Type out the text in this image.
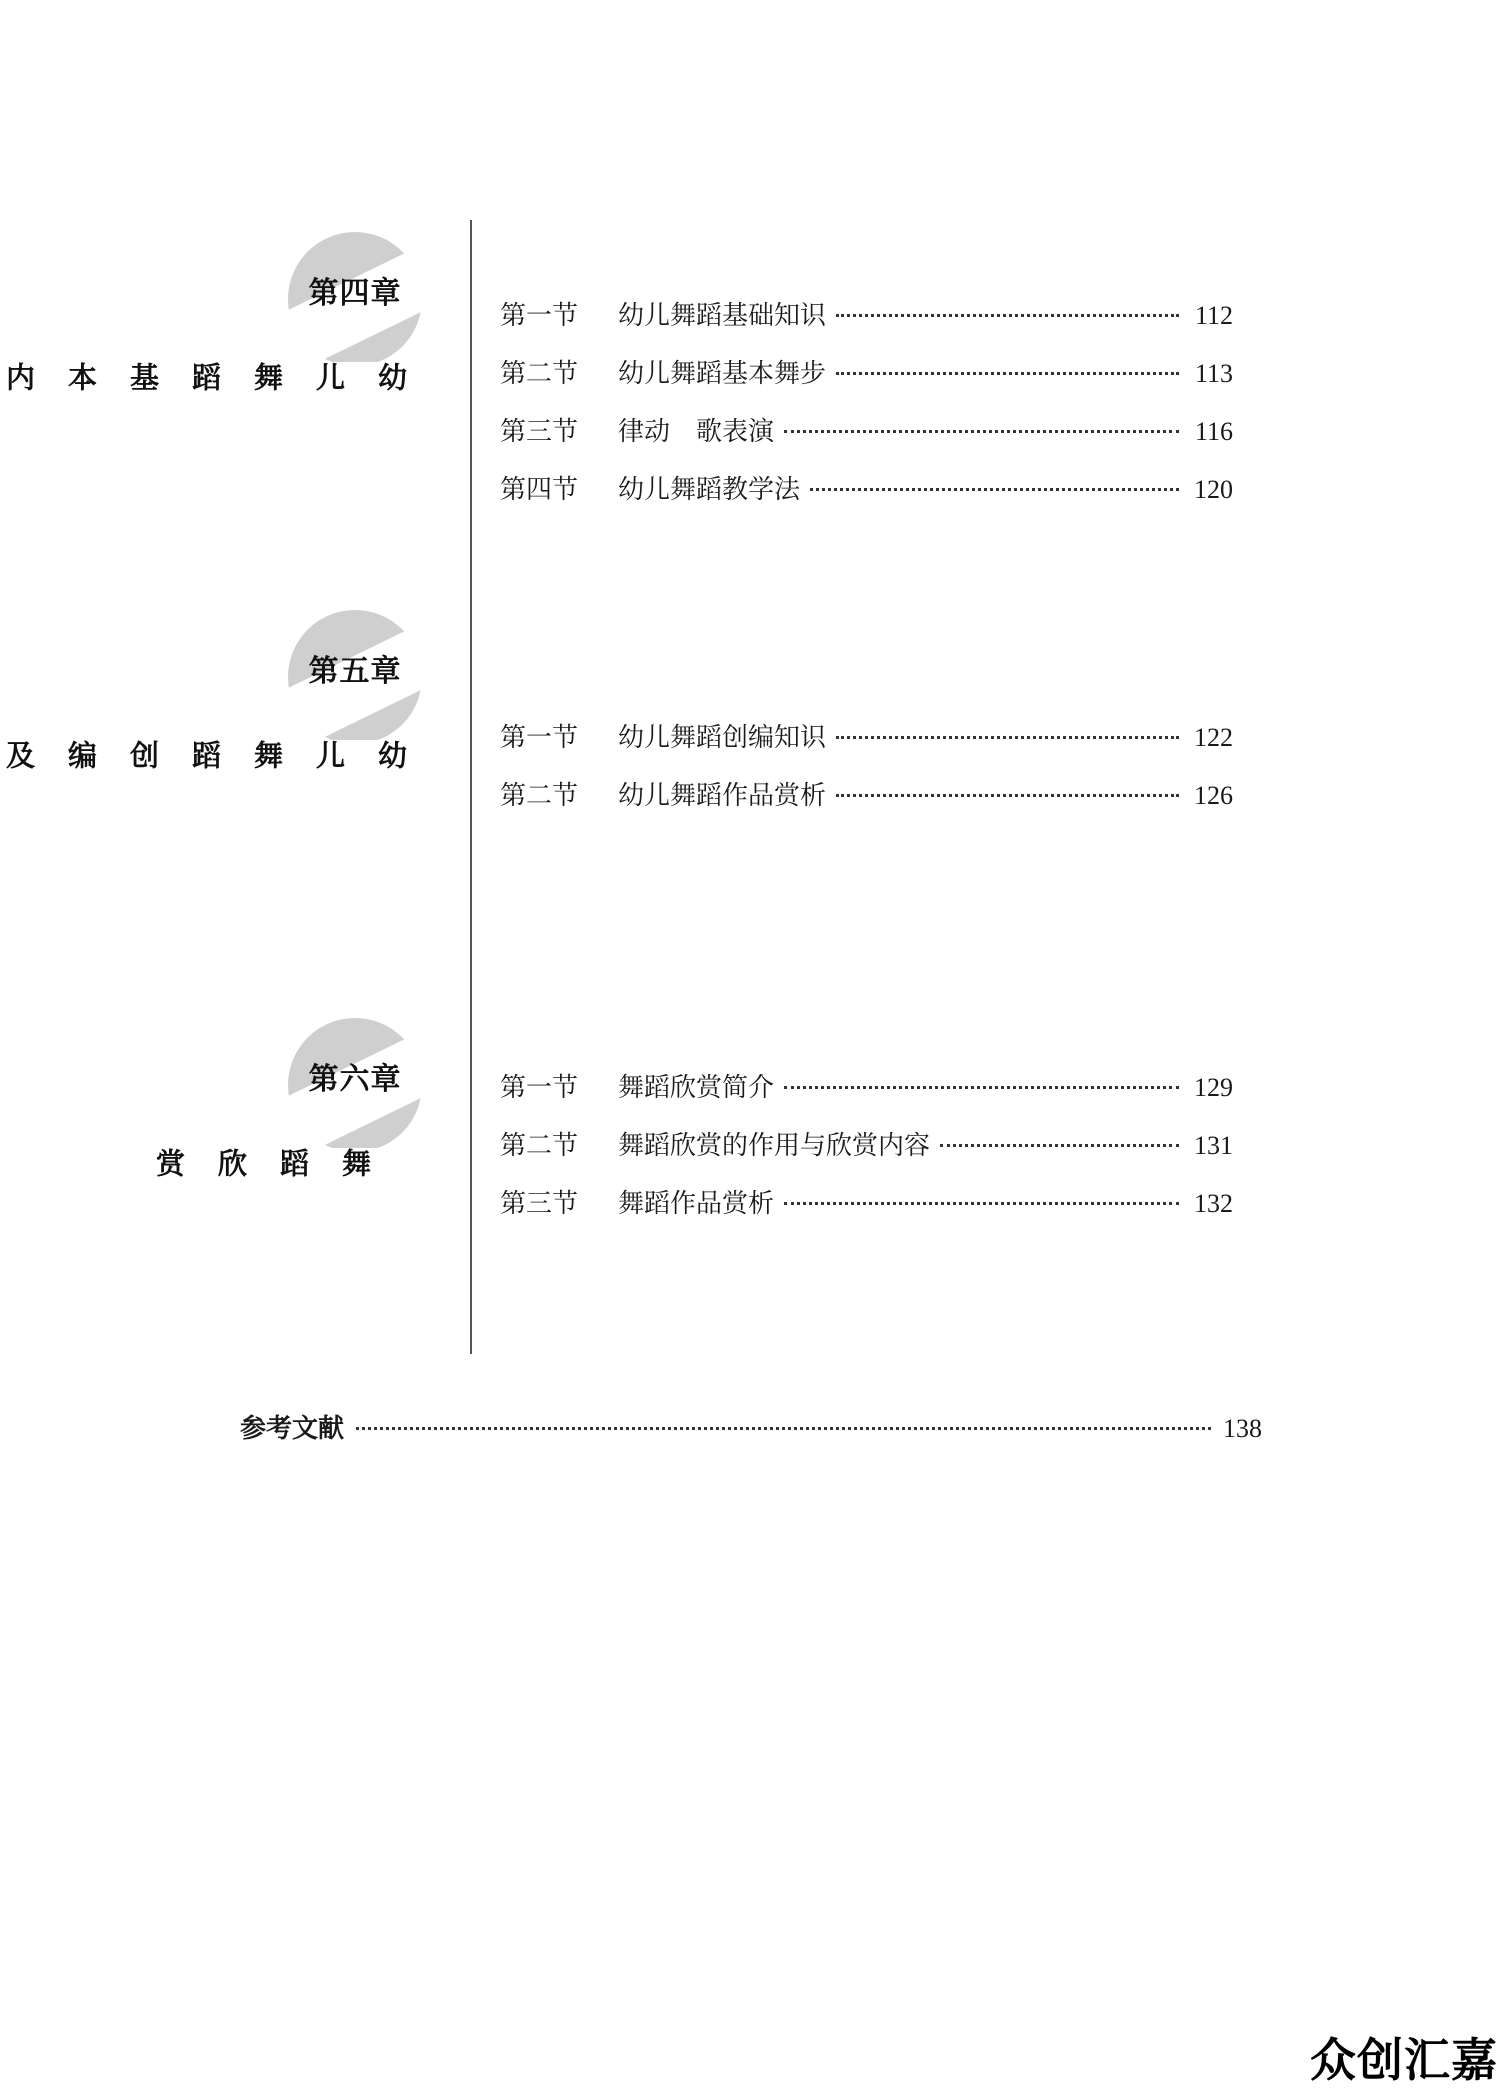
第四章
幼儿舞蹈基本 内
第一节	幼儿舞蹈基础知识	112
第二节	幼儿舞蹈基本舞步	113
第三节	律动　歌表演	116
第四节	幼儿舞蹈教学法	120
第五章
幼儿舞蹈创编 及
第一节	幼儿舞蹈创编知识	122
第二节	幼儿舞蹈作品赏析	126
第六章
舞蹈欣赏
第一节	舞蹈欣赏简介	129
第二节	舞蹈欣赏的作用与欣赏内容	131
第三节	舞蹈作品赏析	132
参考文献	138
众创汇嘉
